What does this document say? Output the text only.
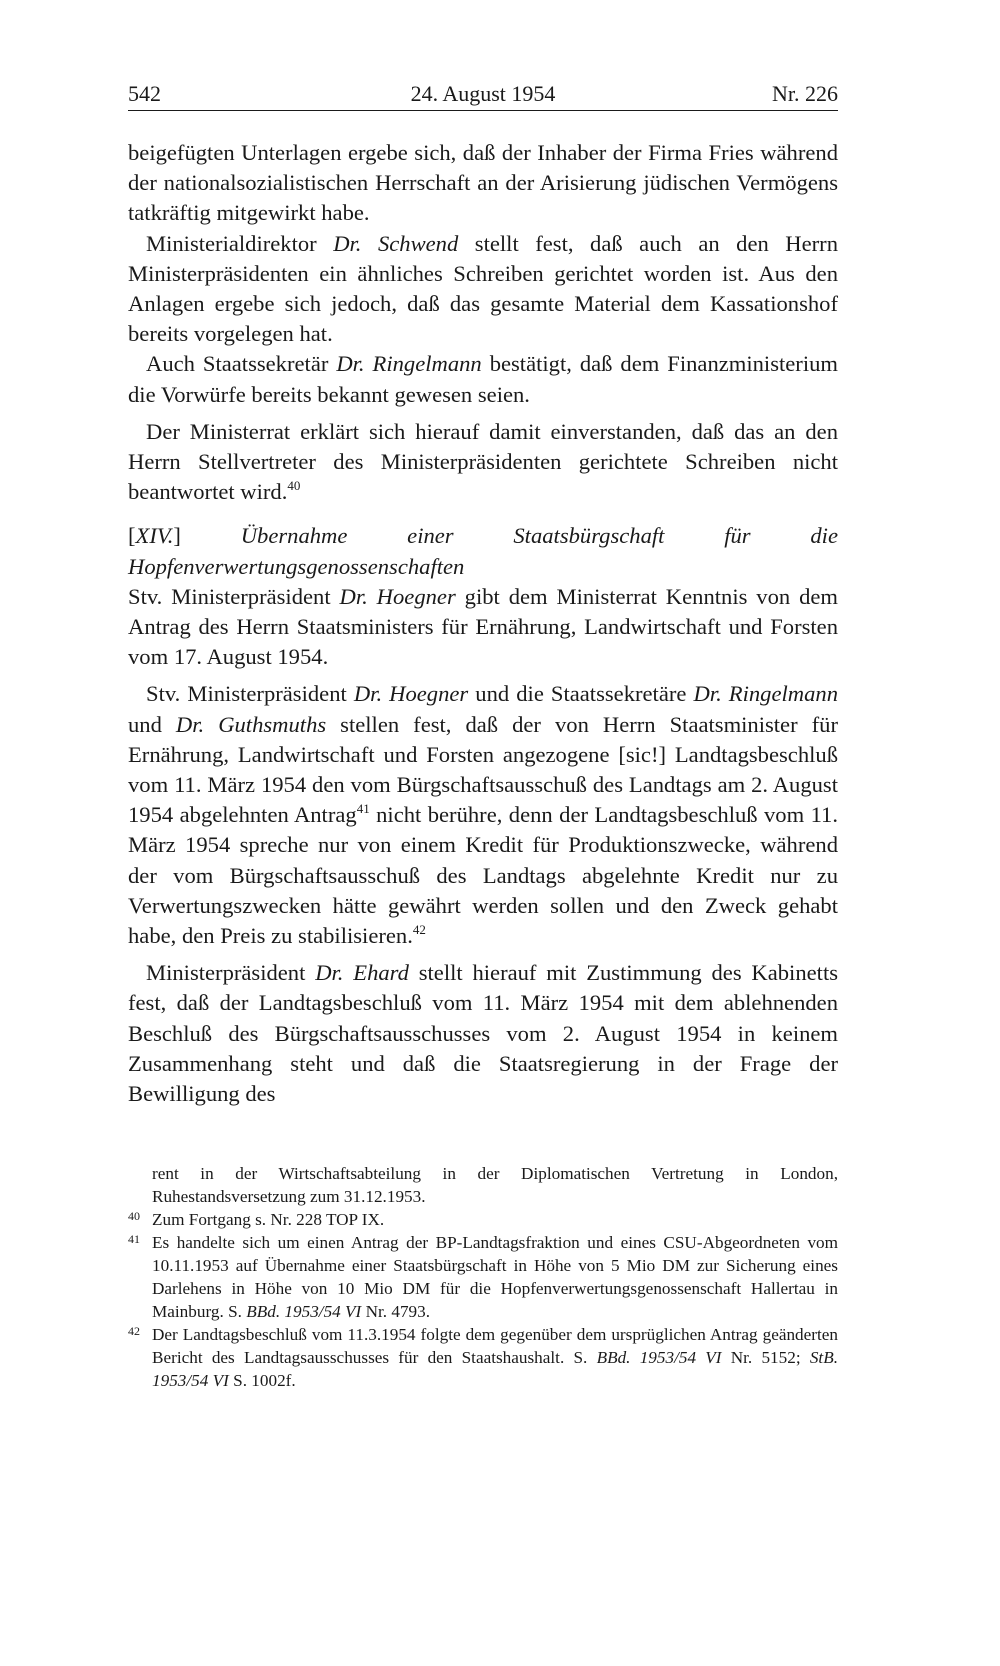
542	24. August 1954	Nr. 226

beigefügten Unterlagen ergebe sich, daß der Inhaber der Firma Fries während der nationalsozialistischen Herrschaft an der Arisierung jüdischen Vermögens tatkräftig mitgewirkt habe.

Ministerialdirektor Dr. Schwend stellt fest, daß auch an den Herrn Ministerpräsidenten ein ähnliches Schreiben gerichtet worden ist. Aus den Anlagen ergebe sich jedoch, daß das gesamte Material dem Kassationshof bereits vorgelegen hat.

Auch Staatssekretär Dr. Ringelmann bestätigt, daß dem Finanzministerium die Vorwürfe bereits bekannt gewesen seien.

Der Ministerrat erklärt sich hierauf damit einverstanden, daß das an den Herrn Stellvertreter des Ministerpräsidenten gerichtete Schreiben nicht beantwortet wird.$^{40}$

[XIV.] Übernahme einer Staatsbürgschaft für die Hopfenverwertungsgenossenschaften

Stv. Ministerpräsident Dr. Hoegner gibt dem Ministerrat Kenntnis von dem Antrag des Herrn Staatsministers für Ernährung, Landwirtschaft und Forsten vom 17. August 1954.

Stv. Ministerpräsident Dr. Hoegner und die Staatssekretäre Dr. Ringelmann und Dr. Guthsmuths stellen fest, daß der von Herrn Staatsminister für Ernährung, Landwirtschaft und Forsten angezogene [sic!] Landtagsbeschluß vom 11. März 1954 den vom Bürgschaftsausschuß des Landtags am 2. August 1954 abgelehnten Antrag$^{41}$ nicht berühre, denn der Landtagsbeschluß vom 11. März 1954 spreche nur von einem Kredit für Produktionszwecke, während der vom Bürgschaftsausschuß des Landtags abgelehnte Kredit nur zu Verwertungszwecken hätte gewährt werden sollen und den Zweck gehabt habe, den Preis zu stabilisieren.$^{42}$

Ministerpräsident Dr. Ehard stellt hierauf mit Zustimmung des Kabinetts fest, daß der Landtagsbeschluß vom 11. März 1954 mit dem ablehnenden Beschluß des Bürgschaftsausschusses vom 2. August 1954 in keinem Zusammenhang steht und daß die Staatsregierung in der Frage der Bewilligung des

rent in der Wirtschaftsabteilung in der Diplomatischen Vertretung in London, Ruhestandsversetzung zum 31.12.1953.

40 Zum Fortgang s. Nr. 228 TOP IX.

41 Es handelte sich um einen Antrag der BP-Landtagsfraktion und eines CSU-Abgeordneten vom 10.11.1953 auf Übernahme einer Staatsbürgschaft in Höhe von 5 Mio DM zur Sicherung eines Darlehens in Höhe von 10 Mio DM für die Hopfenverwertungsgenossenschaft Hallertau in Mainburg. S. BBd. 1953/54 VI Nr. 4793.

42 Der Landtagsbeschluß vom 11.3.1954 folgte dem gegenüber dem ursprüglichen Antrag geänderten Bericht des Landtagsausschusses für den Staatshaushalt. S. BBd. 1953/54 VI Nr. 5152; StB. 1953/54 VI S. 1002f.
